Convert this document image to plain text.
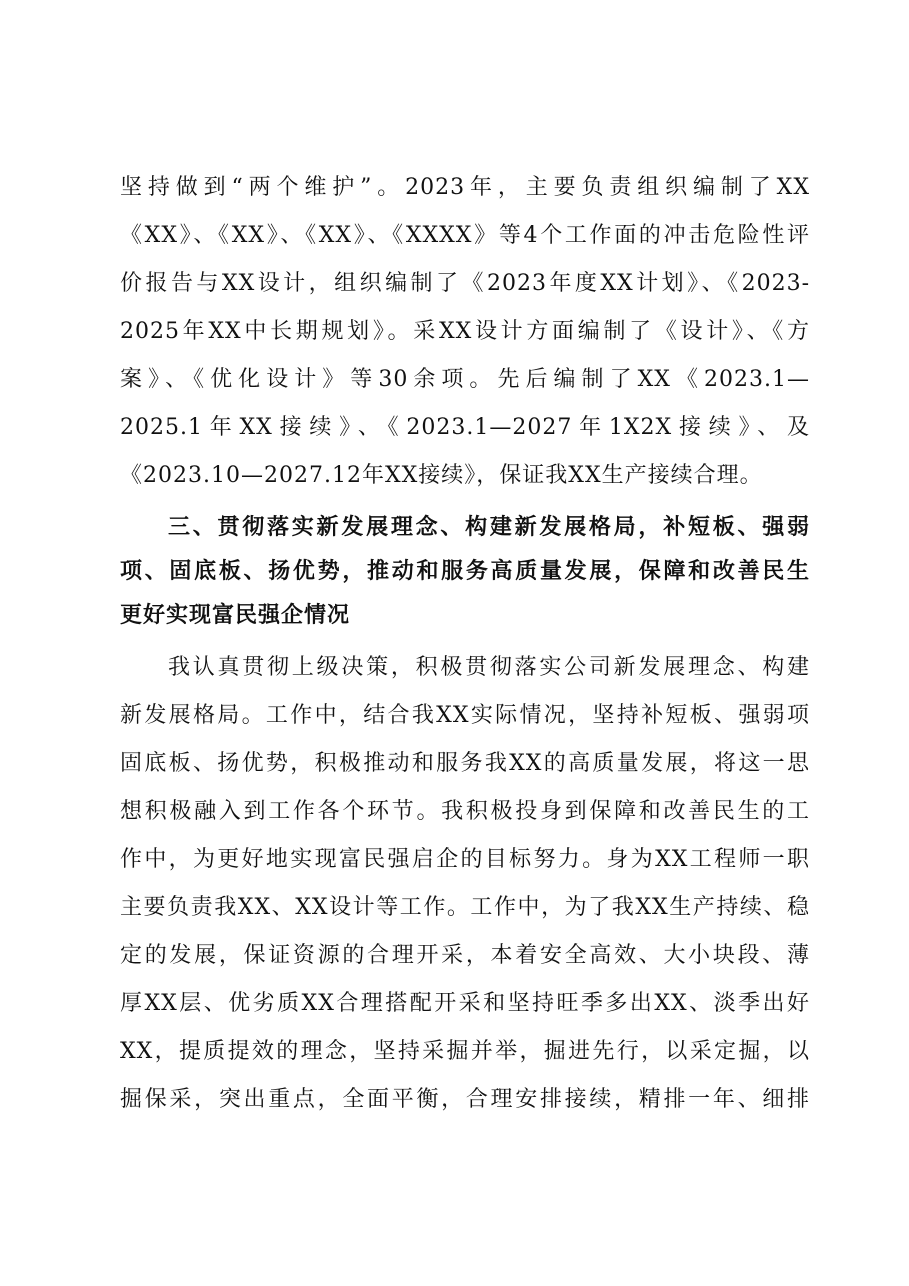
坚持做到“两个维护”。2023年，主要负责组织编制了XX
《XX》、《XX》、《XX》、《XXXX》等4个工作面的冲击危险性评
价报告与XX设计，组织编制了《2023年度XX计划》、《2023-
2025年XX中长期规划》。采XX设计方面编制了《设计》、《方
案》、《优化设计》等30余项。先后编制了XX《2023.1—
2025.1年XX接续》、《2023.1—2027年1X2X接续》、及
《2023.10—2027.12年XX接续》，保证我XX生产接续合理。
三、贯彻落实新发展理念、构建新发展格局，补短板、强弱
项、固底板、扬优势，推动和服务高质量发展，保障和改善民生
更好实现富民强企情况
我认真贯彻上级决策，积极贯彻落实公司新发展理念、构建
新发展格局。工作中，结合我XX实际情况，坚持补短板、强弱项
固底板、扬优势，积极推动和服务我XX的高质量发展，将这一思
想积极融入到工作各个环节。我积极投身到保障和改善民生的工
作中，为更好地实现富民强启企的目标努力。身为XX工程师一职
主要负责我XX、XX设计等工作。工作中，为了我XX生产持续、稳
定的发展，保证资源的合理开采，本着安全高效、大小块段、薄
厚XX层、优劣质XX合理搭配开采和坚持旺季多出XX、淡季出好
XX，提质提效的理念，坚持采掘并举，掘进先行，以采定掘，以
掘保采，突出重点，全面平衡，合理安排接续，精排一年、细排
